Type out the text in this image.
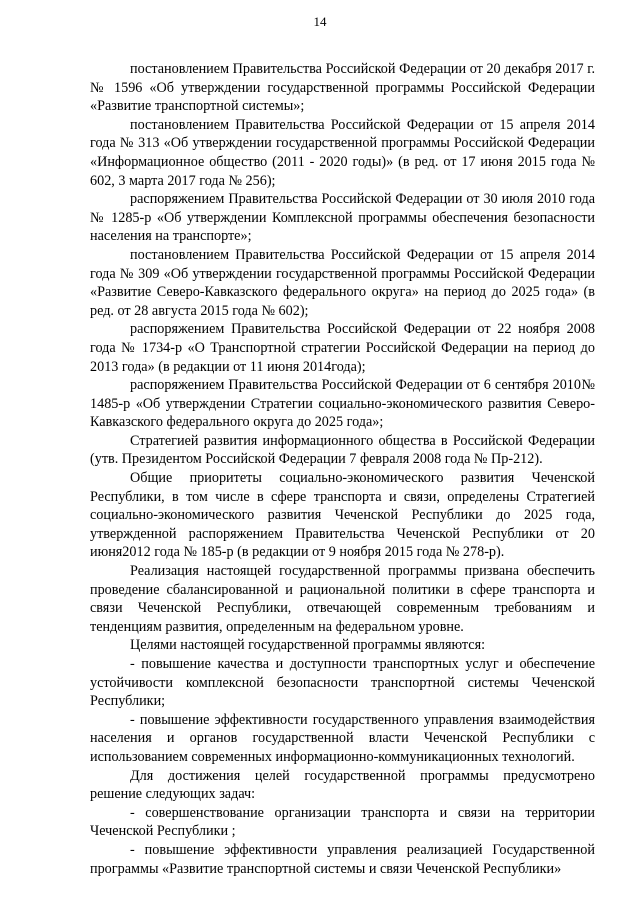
14

постановлением Правительства Российской Федерации от 20 декабря 2017 г. № 1596 «Об утверждении государственной программы Российской Федерации «Развитие транспортной системы»;

постановлением Правительства Российской Федерации от 15 апреля 2014 года № 313 «Об утверждении государственной программы Российской Федерации «Информационное общество (2011 - 2020 годы)» (в ред. от 17 июня 2015 года № 602, 3 марта 2017 года № 256);

распоряжением Правительства Российской Федерации от 30 июля 2010 года № 1285-р «Об утверждении Комплексной программы обеспечения безопасности населения на транспорте»;

постановлением Правительства Российской Федерации от 15 апреля 2014 года № 309 «Об утверждении государственной программы Российской Федерации «Развитие Северо-Кавказского федерального округа» на период до 2025 года» (в ред. от 28 августа 2015 года № 602);

распоряжением Правительства Российской Федерации от 22 ноября 2008 года № 1734-р «О Транспортной стратегии Российской Федерации на период до 2013 года» (в редакции от 11 июня 2014года);

распоряжением Правительства Российской Федерации от 6 сентября 2010№ 1485-р «Об утверждении Стратегии социально-экономического развития Северо-Кавказского федерального округа до 2025 года»;

Стратегией развития информационного общества в Российской Федерации (утв. Президентом Российской Федерации 7 февраля 2008 года № Пр-212).

Общие приоритеты социально-экономического развития Чеченской Республики, в том числе в сфере транспорта и связи, определены Стратегией социально-экономического развития Чеченской Республики до 2025 года, утвержденной распоряжением Правительства Чеченской Республики от 20 июня2012 года № 185-р (в редакции от 9 ноября 2015 года № 278-р).

Реализация настоящей государственной программы призвана обеспечить проведение сбалансированной и рациональной политики в сфере транспорта и связи Чеченской Республики, отвечающей современным требованиям и тенденциям развития, определенным на федеральном уровне.

Целями настоящей государственной программы являются:

- повышение качества и доступности транспортных услуг и обеспечение устойчивости комплексной безопасности транспортной системы Чеченской Республики;

- повышение эффективности государственного управления взаимодействия населения и органов государственной власти Чеченской Республики с использованием современных информационно-коммуникационных технологий.

Для достижения целей государственной программы предусмотрено решение следующих задач:

- совершенствование организации транспорта и связи на территории Чеченской Республики ;

- повышение эффективности управления реализацией Государственной программы «Развитие транспортной системы и связи Чеченской Республики»
